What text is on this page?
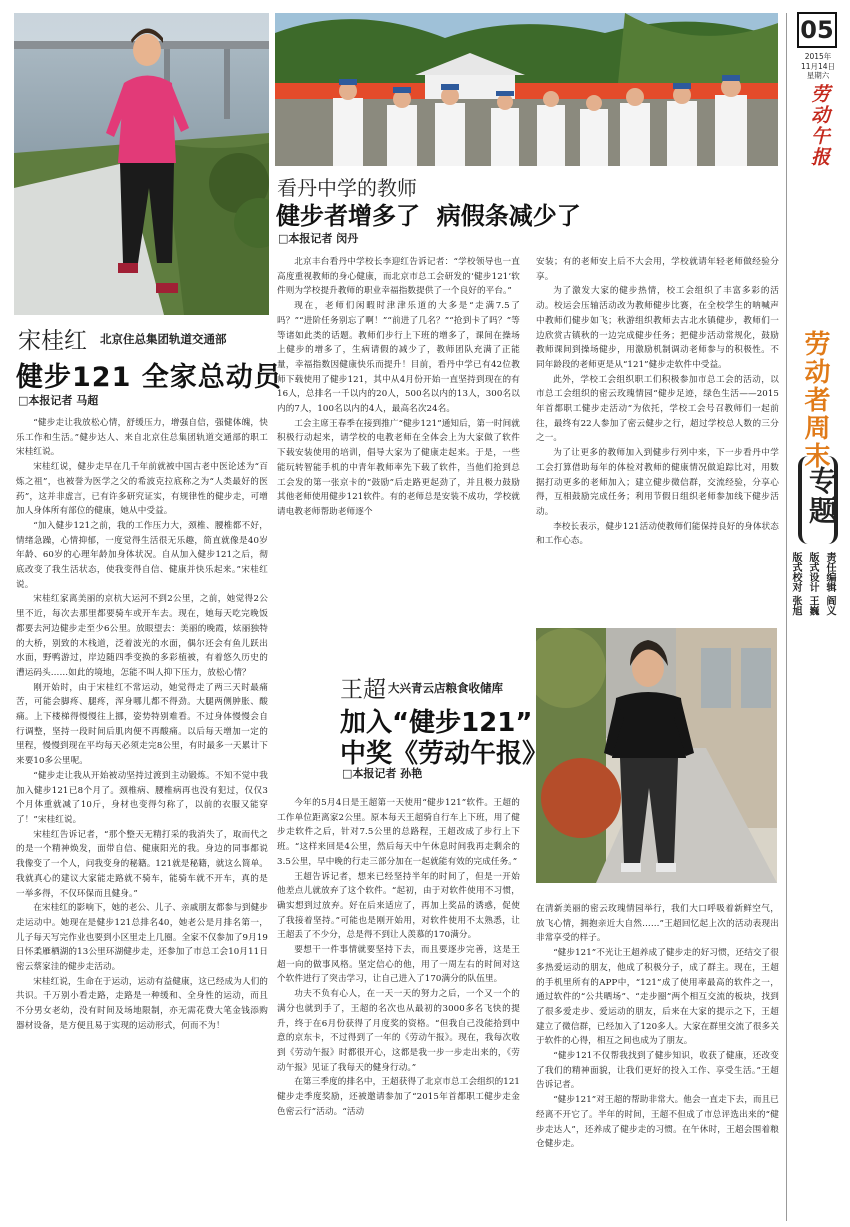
宋桂红 北京住总集团轨道交通部
健步121 全家总动员
□本报记者 马超

“健步走让我放松心情，舒缓压力，增强自信，强健体魄，快乐工作和生活。”健步达人、来自北京住总集团轨道交通部的职工宋桂红说。

宋桂红说，健步走早在几千年前就被中国古老中医论述为“百炼之祖”，也被誉为医学之父的希波克拉底称之为“人类最好的医药”，这并非虚言，已有许多研究证实，有规律性的健步走，可增加人身体所有部位的健康，她从中受益。

“加入健步121之前，我的工作压力大，颈椎、腰椎都不好，情绪急躁，心情抑郁，一度觉得生活很无乐趣，简直就像是40岁年龄、60岁的心理年龄加身体状况。自从加入健步121之后，彻底改变了我生活状态，使我变得自信、健康并快乐起来。”宋桂红说。

宋桂红家离美丽的京杭大运河不到2公里，之前，她觉得2公里不近，每次去那里都要骑车或开车去。现在，她每天吃完晚饭都要去河边健步走至少6公里。放眼望去：美丽的晚霞，炫丽独特的大桥，别致的木栈道，泛着波光的水面，偶尔还会有鱼儿跃出水面，野鸭游过，岸边随四季变换的多彩植被，有着悠久历史的漕运码头……如此的境地，怎能不叫人抑下压力，放松心情？

刚开始时，由于宋桂红不常运动，她觉得走了两三天时最痛苦，可能会脚疼、腿疼，浑身哪儿都不得劲。大腿两侧肿胀、酸痛。上下楼梯得慢慢往上挪，姿势特别难看。不过身体慢慢会自行调整，坚持一段时间后肌肉便不再酸痛。以后每天增加一定的里程，慢慢到现在平均每天必须走完8公里，有时最多一天累计下来要10多公里呢。

“健步走让我从开始被动坚持过渡到主动锻炼。不知不觉中我加入健步121已8个月了。颈椎病、腰椎病再也没有犯过，仅仅3个月体重就减了10斤，身材也变得匀称了，以前的衣服又能穿了！”宋桂红说。

宋桂红告诉记者，“那个整天无精打采的我消失了，取而代之的是一个精神焕发，面带自信、健康阳光的我。身边的同事都说我像变了一个人，问我变身的秘籍。121就是秘籍，就这么简单。我就真心的建议大家能走路就不骑车，能骑车就不开车，真的是一举多得，不仅环保而且健身。”

在宋桂红的影响下，她的老公、儿子、亲戚朋友都参与到健步走运动中。她现在是健步121总排名40，她老公是月排名第一，儿子每天写完作业也要到小区里走上几圈。全家不仅参加了9月19日怀柔雁栖湖的13公里环湖健步走，还参加了市总工会10月11日密云蔡家洼的健步走活动。

宋桂红说，生命在于运动，运动有益健康，这已经成为人们的共识。千万别小看走路，走路是一种缓和、全身性的运动，而且不分男女老幼，没有时间及场地限制，亦无需花费大笔金钱添购器材设备，是方便且易于实现的运动形式，何而不为！

看丹中学的教师
健步者增多了  病假条减少了
□本报记者 闵丹

北京丰台看丹中学校长李迎红告诉记者：“学校领导也一直高度重视教师的身心健康，而北京市总工会研发的‘健步121’软件则为学校提升教师的职业幸福指数提供了一个良好的平台。”

现在，老师们闲暇时津津乐道的大多是“走满7.5了吗？”“进阶任务别忘了啊！”“前进了几名？”“抢到卡了吗？”等等诸如此类的话题。教师们步行上下班的增多了，课间在操场上健步的增多了，生病请假的减少了，教师团队充满了正能量，幸福指数因健康快乐而提升！目前，看丹中学已有42位教师下载使用了健步121，其中从4月份开始一直坚持到现在的有16人，总排名一千以内的20人，500名以内的13人，300名以内的7人，100名以内的4人，最高名次24名。

工会主席王春季在接到推广“健步121”通知后，第一时间就积极行动起来，请学校的电教老师在全体会上为大家做了软件下载安装使用的培训，倡导大家为了健康走起来。于是，一些能玩转智能手机的中青年教师率先下载了软件，当他们抢到总工会发的第一张京卡的“鼓励”后走路更起劲了，并且极力鼓励其他老师使用健步121软件。有的老师总是安装不成功，学校就请电教老师帮助老师逐个

安装；有的老师安上后不大会用，学校就请年轻老师做经验分享。

为了激发大家的健步热情，校工会组织了丰富多彩的活动。校运会压轴活动改为教师健步比赛，在全校学生的呐喊声中教师们健步如飞；秋游组织教师去古北水镇健步，教师们一边欣赏古镇秋的一边完成健步任务；把健步活动常规化，鼓励教师课间到操场健步，用激励机制调动老师参与的积极性。不同年龄段的老师更是从“121”健步走软件中受益。

此外，学校工会组织职工们积极参加市总工会的活动，以市总工会组织的密云玫瑰情园“健步足迹，绿色生活——2015年首都职工健步走活动”为依托，学校工会号召教师们一起前往，最终有22人参加了密云健步之行，超过学校总人数的三分之一。

为了让更多的教师加入到健步行列中来，下一步看丹中学工会打算借助每年的体检对教师的健康情况做追踪比对，用数据打动更多的老师加入；建立健步微信群，交流经验，分享心得，互相鼓励完成任务；利用节假日组织老师参加线下健步活动。

李校长表示，健步121活动使教师们能保持良好的身体状态和工作心态。

王超 大兴青云店粮食收储库
加入“健步121”
中奖《劳动午报》
□本报记者 孙艳

今年的5月4日是王超第一天使用“健步121”软件。王超的工作单位距离家2公里。原本每天王超骑自行车上下班，用了健步走软件之后，针对7.5公里的总路程，王超改成了步行上下班。“这样来回是4公里，然后每天中午休息时间我再走剩余的3.5公里，早中晚的行走三部分加在一起就能有效的完成任务。”

王超告诉记者，想来已经坚持半年的时间了，但是一开始他差点儿就放弃了这个软件。“起初，由于对软件使用不习惯，确实想到过放弃。好在后来适应了，再加上奖品的诱惑，促使了我接着坚持。”可能也是刚开始用，对软件使用不太熟悉，让王超丢了不少分，总是得不到让人羡慕的170满分。

要想干一件事情就要坚持下去，而且要逐步完善，这是王超一向的做事风格。坚定信心的他，用了一周左右的时间对这个软件进行了突击学习，让自己进入了170满分的队伍里。

功夫不负有心人，在一天一天的努力之后，一个又一个的满分也就到手了，王超的名次也从最初的3000多名飞快的提升，终于在6月份获得了月度奖的资格。“但我自己没能拾到中意的京东卡，不过得到了一年的《劳动午报》。现在，我每次收到《劳动午报》时都很开心，这都是我一步一步走出来的，《劳动午报》见证了我每天的健身行动。”

在第三季度的排名中，王超获得了北京市总工会组织的121健步走季度奖励，还被邀请参加了“2015年首都职工健步走金色密云行”活动。“活动

在清新美丽的密云玫瑰情园举行，我们大口呼吸着新鲜空气，放飞心情，拥抱亲近大自然……”王超回忆起上次的活动表现出非常享受的样子。

“健步121”不光让王超养成了健步走的好习惯，还结交了很多热爱运动的朋友，他成了积极分子，成了群主。现在，王超的手机里所有的APP中，“121”成了使用率最高的软件之一，通过软件的“公共晒场”、“走步圈”两个相互交流的板块，找到了很多爱走步、爱运动的朋友，后来在大家的提示之下，王超建立了微信群，已经加入了120多人。大家在群里交流了很多关于软件的心得，相互之间也成为了朋友。

“健步121不仅帮我找到了健步知识，收获了健康，还改变了我们的精神面貌，让我们更好的投入工作、享受生活。”王超告诉记者。

“健步121”对王超的帮助非常大。他会一直走下去，而且已经离不开它了。半年的时间，王超不但成了市总评选出来的“健步走达人”，还养成了健步走的习惯。在午休时，王超会围着粮仓健步走。

05
2015年
11月14日
星期六
劳动午报
劳动者周末
专题
责任编辑 阎义
版式设计 王巍
版式校对 张旭
